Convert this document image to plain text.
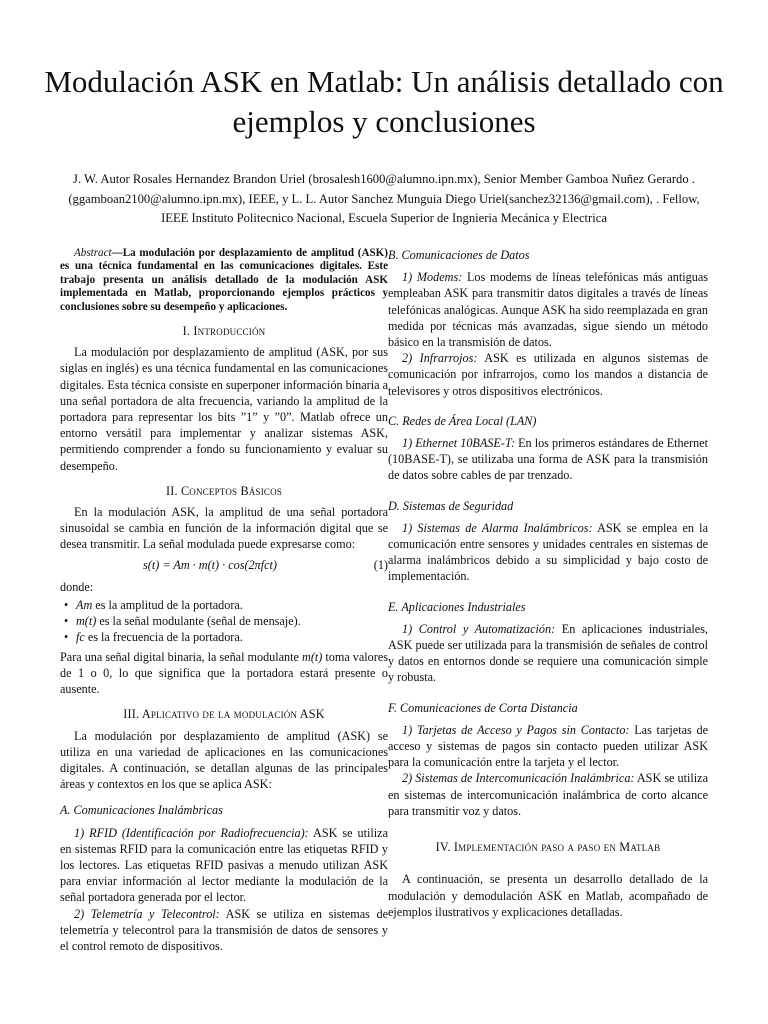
Modulación ASK en Matlab: Un análisis detallado con ejemplos y conclusiones

J. W. Autor Rosales Hernandez Brandon Uriel (brosalesh1600@alumno.ipn.mx), Senior Member Gamboa Nuñez Gerardo . (ggamboan2100@alumno.ipn.mx), IEEE, y L. L. Autor Sanchez Munguia Diego Uriel(sanchez32136@gmail.com), . Fellow, IEEE Instituto Politecnico Nacional, Escuela Superior de Ingnieria Mecánica y Electrica

Abstract—La modulación por desplazamiento de amplitud (ASK) es una técnica fundamental en las comunicaciones digitales. Este trabajo presenta un análisis detallado de la modulación ASK implementada en Matlab, proporcionando ejemplos prácticos y conclusiones sobre su desempeño y aplicaciones.

I. Introducción

La modulación por desplazamiento de amplitud (ASK, por sus siglas en inglés) es una técnica fundamental en las comunicaciones digitales. Esta técnica consiste en superponer información binaria a una señal portadora de alta frecuencia, variando la amplitud de la portadora para representar los bits ”1” y ”0”. Matlab ofrece un entorno versátil para implementar y analizar sistemas ASK, permitiendo comprender a fondo su funcionamiento y evaluar su desempeño.

II. Conceptos Básicos

En la modulación ASK, la amplitud de una señal portadora sinusoidal se cambia en función de la información digital que se desea transmitir. La señal modulada puede expresarse como:

s(t) = Am · m(t) · cos(2πfct)	(1)

donde:

• Am es la amplitud de la portadora.
• m(t) es la señal modulante (señal de mensaje).
• fc es la frecuencia de la portadora.

Para una señal digital binaria, la señal modulante m(t) toma valores de 1 o 0, lo que significa que la portadora estará presente o ausente.

III. Aplicativo de la modulación ASK

La modulación por desplazamiento de amplitud (ASK) se utiliza en una variedad de aplicaciones en las comunicaciones digitales. A continuación, se detallan algunas de las principales áreas y contextos en los que se aplica ASK:

A. Comunicaciones Inalámbricas

1) RFID (Identificación por Radiofrecuencia): ASK se utiliza en sistemas RFID para la comunicación entre las etiquetas RFID y los lectores. Las etiquetas RFID pasivas a menudo utilizan ASK para enviar información al lector mediante la modulación de la señal portadora generada por el lector.

2) Telemetría y Telecontrol: ASK se utiliza en sistemas de telemetría y telecontrol para la transmisión de datos de sensores y el control remoto de dispositivos.

B. Comunicaciones de Datos

1) Modems: Los modems de líneas telefónicas más antiguas empleaban ASK para transmitir datos digitales a través de líneas telefónicas analógicas. Aunque ASK ha sido reemplazada en gran medida por técnicas más avanzadas, sigue siendo un método básico en la transmisión de datos.

2) Infrarrojos: ASK es utilizada en algunos sistemas de comunicación por infrarrojos, como los mandos a distancia de televisores y otros dispositivos electrónicos.

C. Redes de Área Local (LAN)

1) Ethernet 10BASE-T: En los primeros estándares de Ethernet (10BASE-T), se utilizaba una forma de ASK para la transmisión de datos sobre cables de par trenzado.

D. Sistemas de Seguridad

1) Sistemas de Alarma Inalámbricos: ASK se emplea en la comunicación entre sensores y unidades centrales en sistemas de alarma inalámbricos debido a su simplicidad y bajo costo de implementación.

E. Aplicaciones Industriales

1) Control y Automatización: En aplicaciones industriales, ASK puede ser utilizada para la transmisión de señales de control y datos en entornos donde se requiere una comunicación simple y robusta.

F. Comunicaciones de Corta Distancia

1) Tarjetas de Acceso y Pagos sin Contacto: Las tarjetas de acceso y sistemas de pagos sin contacto pueden utilizar ASK para la comunicación entre la tarjeta y el lector.

2) Sistemas de Intercomunicación Inalámbrica: ASK se utiliza en sistemas de intercomunicación inalámbrica de corto alcance para transmitir voz y datos.

IV. Implementación paso a paso en Matlab

A continuación, se presenta un desarrollo detallado de la modulación y demodulación ASK en Matlab, acompañado de ejemplos ilustrativos y explicaciones detalladas.
